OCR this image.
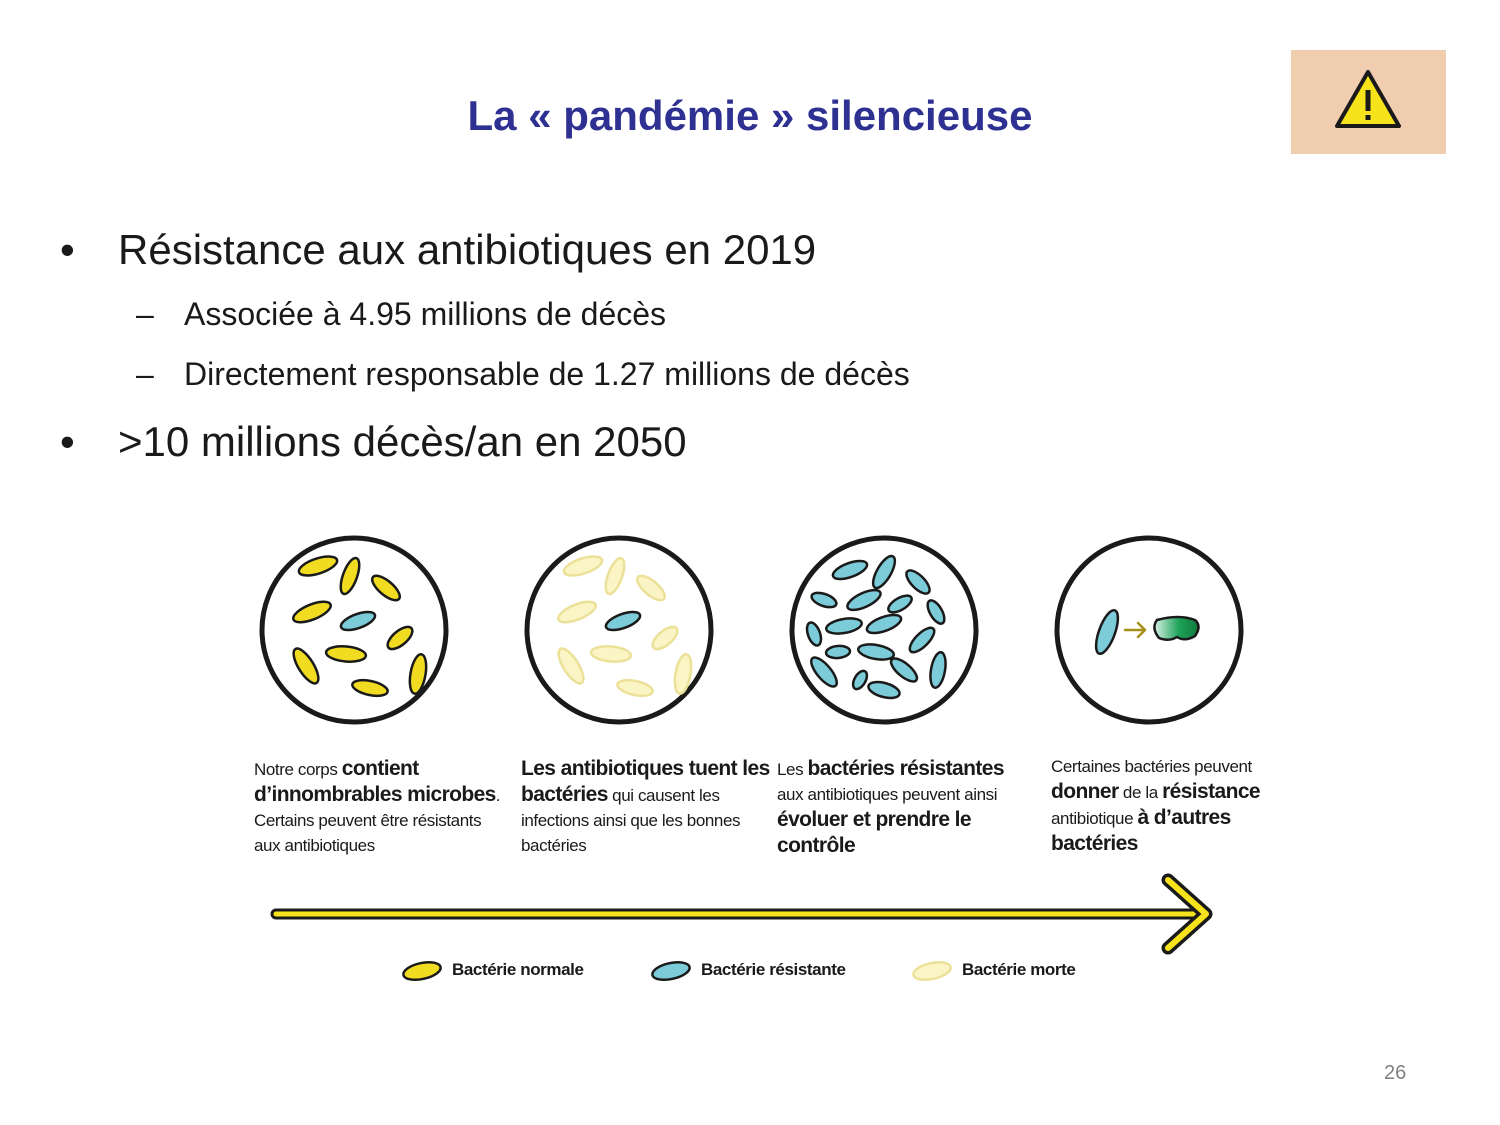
La « pandémie » silencieuse
• Résistance aux antibiotiques en 2019
– Associée à 4.95 millions de décès
– Directement responsable de 1.27 millions de décès
• >10 millions décès/an en 2050
Notre corps contient d’innombrables microbes. Certains peuvent être résistants aux antibiotiques
Les antibiotiques tuent les bactéries qui causent les infections ainsi que les bonnes bactéries
Les bactéries résistantes aux antibiotiques peuvent ainsi évoluer et prendre le contrôle
Certaines bactéries peuvent donner de la résistance antibiotique à d’autres bactéries
Bactérie normale	Bactérie résistante	Bactérie morte
26
